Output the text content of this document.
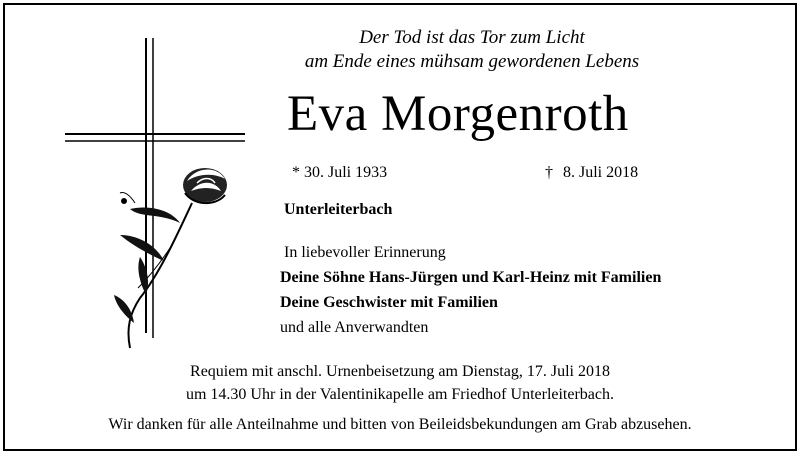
Der Tod ist das Tor zum Licht
am Ende eines mühsam gewordenen Lebens
Eva Morgenroth
* 30. Juli 1933	† 8. Juli 2018
Unterleiterbach
In liebevoller Erinnerung
Deine Söhne Hans-Jürgen und Karl-Heinz mit Familien
Deine Geschwister mit Familien
und alle Anverwandten
Requiem mit anschl. Urnenbeisetzung am Dienstag, 17. Juli 2018
um 14.30 Uhr in der Valentinikapelle am Friedhof Unterleiterbach.
Wir danken für alle Anteilnahme und bitten von Beileidsbekundungen am Grab abzusehen.
